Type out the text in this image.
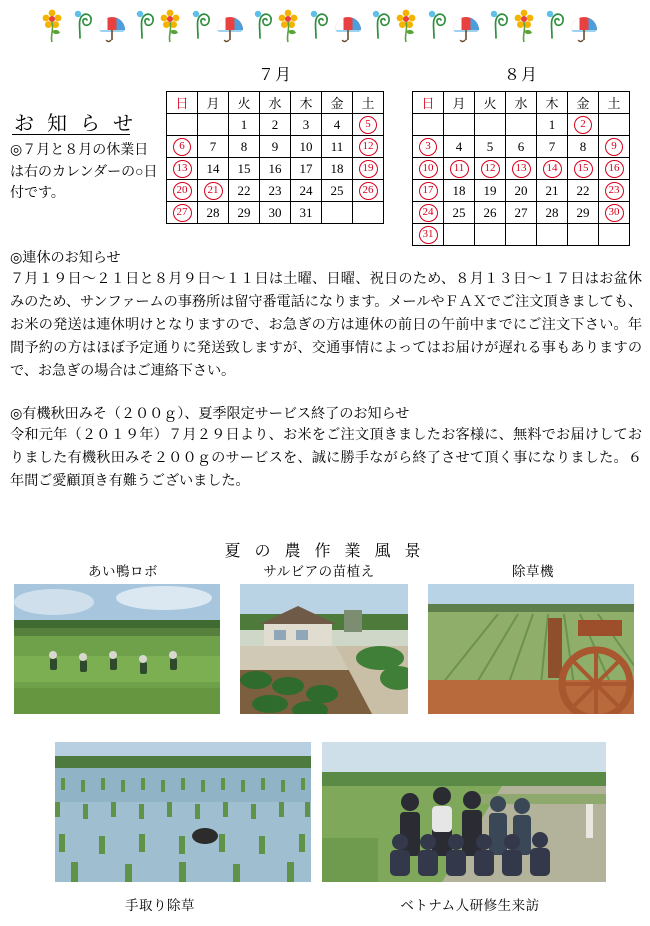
お 知 ら せ
◎７月と８月の休業日は右のカレンダーの○日付です。
７月
日	月	火	水	木	金	土
		1	2	3	4	5
6	7	8	9	10	11	12
13	14	15	16	17	18	19
20	21	22	23	24	25	26
27	28	29	30	31		
８月
日	月	火	水	木	金	土
				1	2	
3	4	5	6	7	8	9
10	11	12	13	14	15	16
17	18	19	20	21	22	23
24	25	26	27	28	29	30
31						
◎連休のお知らせ
７月１９日〜２１日と８月９日〜１１日は土曜、日曜、祝日のため、８月１３日〜１７日はお盆休みのため、サンファームの事務所は留守番電話になります。メールやＦＡＸでご注文頂きましても、お米の発送は連休明けとなりますので、お急ぎの方は連休の前日の午前中までにご注文下さい。年間予約の方はほぼ予定通りに発送致しますが、交通事情によってはお届けが遅れる事もありますので、お急ぎの場合はご連絡下さい。
◎有機秋田みそ（２００ｇ）、夏季限定サービス終了のお知らせ
令和元年（２０１９年）７月２９日より、お米をご注文頂きましたお客様に、無料でお届けしておりました有機秋田みそ２００ｇのサービスを、誠に勝手ながら終了させて頂く事になりました。６年間ご愛顧頂き有難うございました。
夏 の 農 作 業 風 景
あい鴨ロボ	サルビアの苗植え	除草機
手取り除草	ベトナム人研修生来訪
